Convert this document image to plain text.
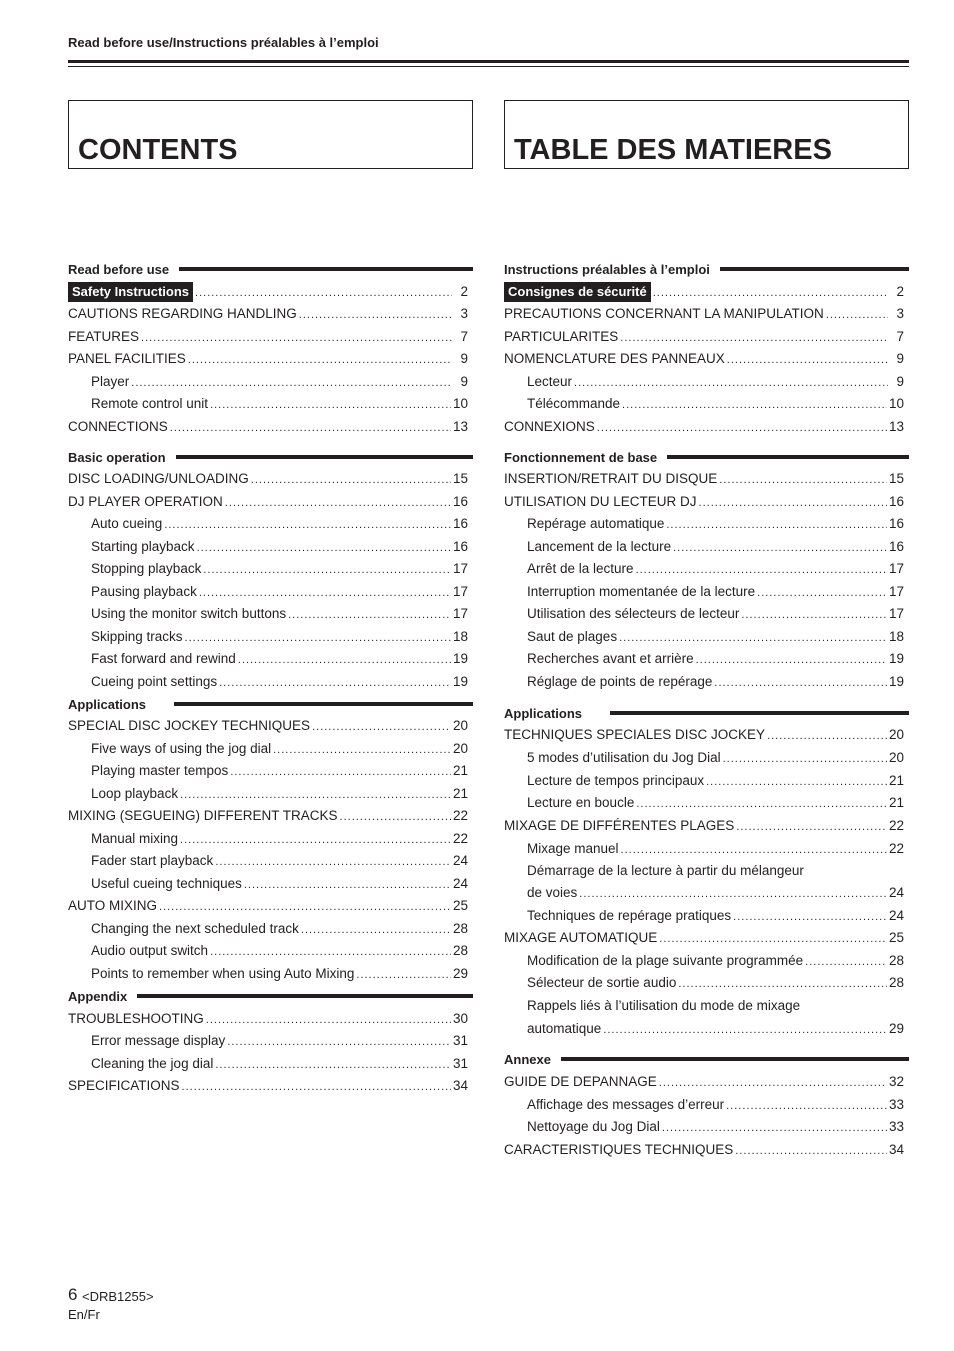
Read before use/Instructions préalables à l’emploi
CONTENTS
Read before use
Safety Instructions .....	2
CAUTIONS REGARDING HANDLING .....	3
FEATURES .....	7
PANEL FACILITIES .....	9
Player .....	9
Remote control unit .....	10
CONNECTIONS .....	13
Basic operation
DISC LOADING/UNLOADING .....	15
DJ PLAYER OPERATION .....	16
Auto cueing .....	16
Starting playback .....	16
Stopping playback .....	17
Pausing playback .....	17
Using the monitor switch buttons .....	17
Skipping tracks .....	18
Fast forward and rewind .....	19
Cueing point settings .....	19
Applications
SPECIAL DISC JOCKEY TECHNIQUES .....	20
Five ways of using the jog dial .....	20
Playing master tempos .....	21
Loop playback .....	21
MIXING (SEGUEING) DIFFERENT TRACKS .....	22
Manual mixing .....	22
Fader start playback .....	24
Useful cueing techniques .....	24
AUTO MIXING .....	25
Changing the next scheduled track .....	28
Audio output switch .....	28
Points to remember when using Auto Mixing .....	29
Appendix
TROUBLESHOOTING .....	30
Error message display .....	31
Cleaning the jog dial .....	31
SPECIFICATIONS .....	34
TABLE DES MATIERES
Instructions préalables à l’emploi
Consignes de sécurité .....	2
PRECAUTIONS CONCERNANT LA MANIPULATION .....	3
PARTICULARITES .....	7
NOMENCLATURE DES PANNEAUX .....	9
Lecteur .....	9
Télécommande .....	10
CONNEXIONS .....	13
Fonctionnement de base
INSERTION/RETRAIT DU DISQUE .....	15
UTILISATION DU LECTEUR DJ .....	16
Repérage automatique .....	16
Lancement de la lecture .....	16
Arrêt de la lecture .....	17
Interruption momentanée de la lecture .....	17
Utilisation des sélecteurs de lecteur .....	17
Saut de plages .....	18
Recherches avant et arrière .....	19
Réglage de points de repérage .....	19
Applications
TECHNIQUES SPECIALES DISC JOCKEY .....	20
5 modes d’utilisation du Jog Dial .....	20
Lecture de tempos principaux .....	21
Lecture en boucle .....	21
MIXAGE DE DIFFÉRENTES PLAGES .....	22
Mixage manuel .....	22
Démarrage de la lecture à partir du mélangeur
de voies .....	24
Techniques de repérage pratiques .....	24
MIXAGE AUTOMATIQUE .....	25
Modification de la plage suivante programmée .....	28
Sélecteur de sortie audio .....	28
Rappels liés à l’utilisation du mode de mixage
automatique .....	29
Annexe
GUIDE DE DEPANNAGE .....	32
Affichage des messages d’erreur .....	33
Nettoyage du Jog Dial .....	33
CARACTERISTIQUES TECHNIQUES .....	34
6 <DRB1255>
En/Fr
